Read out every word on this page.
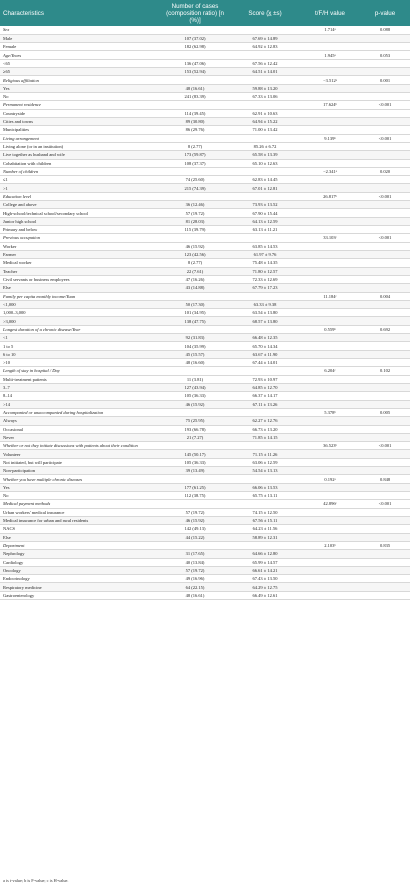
Characteristics	Number of cases (composition ratio) [n (%)]	Score (̄x̲ ±s)	t/F/H value	p-value
Sex			1.714ᵃ	0.088
Male	107 (37.02)	67.69 ± 14.89		
Female	182 (62.98)	64.92 ± 12.83		
Age/Years			1.945ᵃ	0.053
<65	136 (47.06)	67.56 ± 12.42		
≥65	153 (52.94)	64.51 ± 14.01		
Religious affiliation			−3.512ᵃ	0.001
Yes	48 (16.61)	59.88 ± 13.20		
No	241 (83.39)	67.33 ± 13.06		
Permanent residence			17.624ᵇ	<0.001
Countryside	114 (39.45)	62.91 ± 10.63		
Cities and towns	89 (30.80)	64.94 ± 15.22		
Municipalities	86 (29.76)	71.00 ± 13.42		
Living arrangement			9.139ᵇ	<0.001
Living alone (or in an institution)	8 (2.77)	85.26 ± 6.72		
Live together as husband and wife	173 (59.87)	65.58 ± 13.39		
Cohabitation with children	108 (37.37)	65.10 ± 12.63		
Number of children			−2.341ᵃ	0.020
≤1	74 (25.60)	62.83 ± 14.45		
>1	215 (74.39)	67.01 ± 12.81		
Education level			26.817ᵇ	<0.001
College and above	36 (12.46)	73.93 ± 13.52		
High-school/technical school/secondary school	57 (19.72)	67.90 ± 15.44		
Junior high school	81 (28.03)	64.13 ± 12.59		
Primary and below	115 (39.79)	63.13 ± 11.21		
Previous occupation			33.103ᶜ	<0.001
Worker	46 (15.92)	63.85 ± 14.53		
Farmer	123 (42.56)	61.97 ± 9.76		
Medical worker	8 (2.77)	75.48 ± 14.35		
Teacher	22 (7.61)	71.80 ± 12.57		
Civil servants or business employees	47 (16.26)	72.33 ± 12.69		
Else	43 (14.88)	67.79 ± 17.23		
Family per capita monthly income/Yuan			11.184ᶜ	0.004
<1,000	50 (17.30)	63.33 ± 9.38		
1,000–3,000	101 (34.95)	63.54 ± 13.80		
>3,000	138 (47.75)	68.57 ± 13.80		
Longest duration of a chronic disease/Year			0.559ᵇ	0.692
<1	92 (31.83)	66.48 ± 12.35		
1 to 5	104 (35.99)	65.70 ± 14.34		
6 to 10	45 (15.57)	63.67 ± 11.90		
>10	48 (16.60)	67.44 ± 14.01		
Length of stay in hospital / Day			6.204ᶜ	0.102
Multi-treatment patients	11 (3.81)	72.93 ± 10.97		
3–7	127 (43.94)	64.85 ± 12.70		
8–14	105 (36.33)	66.37 ± 14.17		
>14	46 (15.92)	67.11 ± 13.26		
Accompanied or unaccompanied during hospitalization			5.378ᵇ	0.005
Always	75 (25.95)	62.27 ± 12.76		
Occasional	193 (66.78)	66.73 ± 13.20		
Never	21 (7.27)	71.85 ± 14.15		
Whether or not they initiate discussions with patients about their condition			36.523ᵇ	<0.001
Volunteer	145 (50.17)	71.15 ± 11.26		
Not initiated, but will participate	105 (36.33)	63.06 ± 12.59		
Non-participation	39 (13.49)	54.54 ± 13.13		
Whether you have multiple chronic diseases			0.192ᵃ	0.848
Yes	177 (61.25)	66.06 ± 13.53		
No	112 (38.75)	65.75 ± 13.11		
Medical payment methods			42.896ᶜ	<0.001
Urban workers' medical insurance	57 (19.72)	74.15 ± 12.50		
Medical insurance for urban and rural residents	46 (15.92)	67.56 ± 15.11		
NACS	142 (49.13)	64.23 ± 11.56		
Else	44 (15.22)	58.89 ± 12.31		
Department			2.103ᵇ	0.835
Nephrology	31 (17.65)	64.66 ± 12.80		
Cardiology	40 (13.84)	65.99 ± 14.57		
Oncology	57 (19.72)	66.61 ± 14.21		
Endocrinology	49 (16.96)	67.43 ± 13.50		
Respiratory medicine	64 (22.15)	64.29 ± 12.75		
Gastroenterology	48 (16.61)	66.49 ± 12.61		
a is t-value; b is F-value; c is H-value.
